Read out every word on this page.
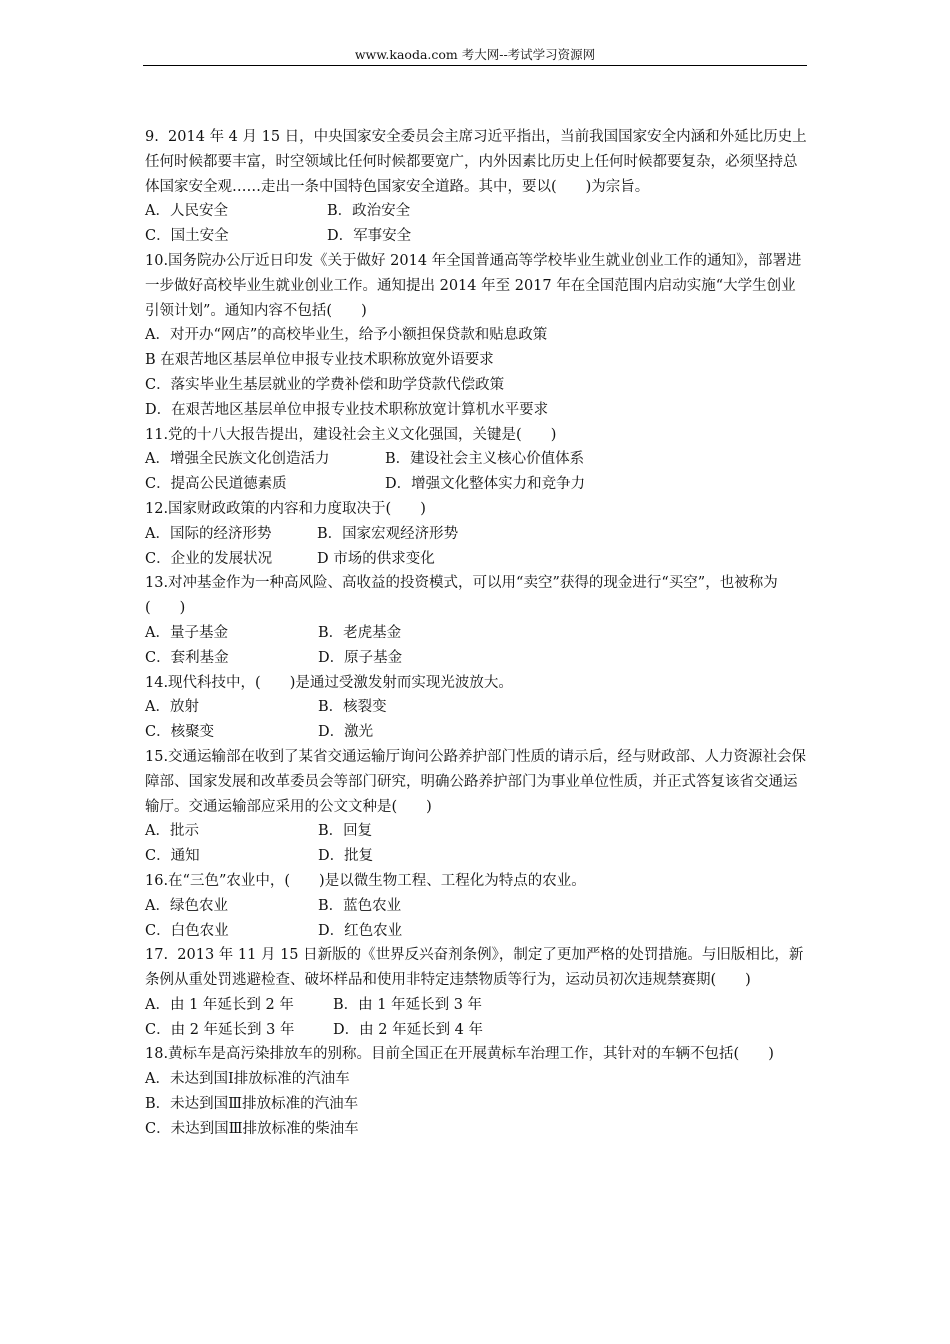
www.kaoda.com 考大网--考试学习资源网
9.  2014 年 4 月 15 日，中央国家安全委员会主席习近平指出，当前我国国家安全内涵和外延比历史上任何时候都要丰富，时空领域比任何时候都要宽广，内外因素比历史上任何时候都要复杂，必须坚持总体国家安全观……走出一条中国特色国家安全道路。其中，要以(　　)为宗旨。
A．人民安全	B．政治安全
C．国土安全	D．军事安全
10.国务院办公厅近日印发《关于做好 2014 年全国普通高等学校毕业生就业创业工作的通知》，部署进一步做好高校毕业生就业创业工作。通知提出 2014 年至 2017 年在全国范围内启动实施“大学生创业引领计划”。通知内容不包括(　　)
A．对开办“网店”的高校毕业生，给予小额担保贷款和贴息政策
B 在艰苦地区基层单位申报专业技术职称放宽外语要求
C．落实毕业生基层就业的学费补偿和助学贷款代偿政策
D．在艰苦地区基层单位申报专业技术职称放宽计算机水平要求
11.党的十八大报告提出，建设社会主义文化强国，关键是(　　)
A．增强全民族文化创造活力	B．建设社会主义核心价值体系
C．提高公民道德素质	D．增强文化整体实力和竞争力
12.国家财政政策的内容和力度取决于(　　)
A．国际的经济形势	B．国家宏观经济形势
C．企业的发展状况	D 市场的供求变化
13.对冲基金作为一种高风险、高收益的投资模式，可以用“卖空”获得的现金进行“买空”，也被称为(　　)
A．量子基金	B．老虎基金
C．套利基金	D．原子基金
14.现代科技中，(　　)是通过受激发射而实现光波放大。
A．放射	B．核裂变
C．核聚变	D．激光
15.交通运输部在收到了某省交通运输厅询问公路养护部门性质的请示后，经与财政部、人力资源社会保障部、国家发展和改革委员会等部门研究，明确公路养护部门为事业单位性质，并正式答复该省交通运输厅。交通运输部应采用的公文文种是(　　)
A．批示	B．回复
C．通知	D．批复
16.在“三色”农业中，(　　)是以微生物工程、工程化为特点的农业。
A．绿色农业	B．蓝色农业
C．白色农业	D．红色农业
17.  2013 年 11 月 15 日新版的《世界反兴奋剂条例》，制定了更加严格的处罚措施。与旧版相比，新条例从重处罚逃避检查、破坏样品和使用非特定违禁物质等行为，运动员初次违规禁赛期(　　)
A．由 1 年延长到 2 年	B．由 1 年延长到 3 年
C．由 2 年延长到 3 年	D．由 2 年延长到 4 年
18.黄标车是高污染排放车的别称。目前全国正在开展黄标车治理工作，其针对的车辆不包括(　　)
A．未达到国Ⅰ排放标准的汽油车
B．未达到国Ⅲ排放标准的汽油车
C．未达到国Ⅲ排放标准的柴油车
